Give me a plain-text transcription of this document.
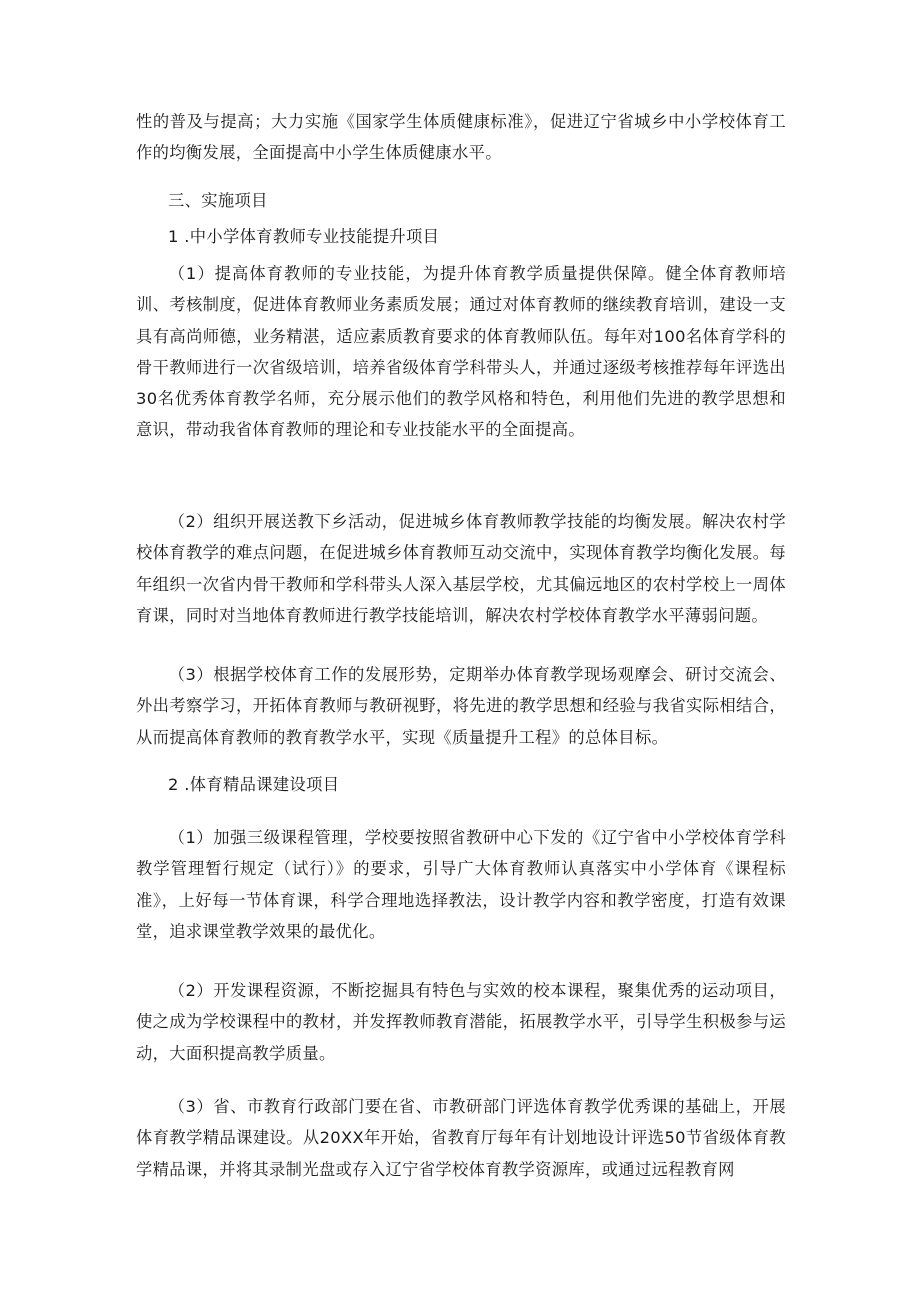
性的普及与提高；大力实施《国家学生体质健康标准》，促进辽宁省城乡中小学校体育工作的均衡发展，全面提高中小学生体质健康水平。
三、实施项目
1 .中小学体育教师专业技能提升项目
（1）提高体育教师的专业技能，为提升体育教学质量提供保障。健全体育教师培训、考核制度，促进体育教师业务素质发展；通过对体育教师的继续教育培训，建设一支具有高尚师德，业务精湛，适应素质教育要求的体育教师队伍。每年对100名体育学科的骨干教师进行一次省级培训，培养省级体育学科带头人，并通过逐级考核推荐每年评选出30名优秀体育教学名师，充分展示他们的教学风格和特色，利用他们先进的教学思想和意识，带动我省体育教师的理论和专业技能水平的全面提高。
（2）组织开展送教下乡活动，促进城乡体育教师教学技能的均衡发展。解决农村学校体育教学的难点问题，在促进城乡体育教师互动交流中，实现体育教学均衡化发展。每年组织一次省内骨干教师和学科带头人深入基层学校，尤其偏远地区的农村学校上一周体育课，同时对当地体育教师进行教学技能培训，解决农村学校体育教学水平薄弱问题。
（3）根据学校体育工作的发展形势，定期举办体育教学现场观摩会、研讨交流会、外出考察学习，开拓体育教师与教研视野，将先进的教学思想和经验与我省实际相结合，从而提高体育教师的教育教学水平，实现《质量提升工程》的总体目标。
2 .体育精品课建设项目
（1）加强三级课程管理，学校要按照省教研中心下发的《辽宁省中小学校体育学科教学管理暂行规定（试行）》的要求，引导广大体育教师认真落实中小学体育《课程标准》，上好每一节体育课，科学合理地选择教法，设计教学内容和教学密度，打造有效课堂，追求课堂教学效果的最优化。
（2）开发课程资源，不断挖掘具有特色与实效的校本课程，聚集优秀的运动项目，使之成为学校课程中的教材，并发挥教师教育潜能，拓展教学水平，引导学生积极参与运动，大面积提高教学质量。
（3）省、市教育行政部门要在省、市教研部门评选体育教学优秀课的基础上，开展体育教学精品课建设。从20XX年开始，省教育厅每年有计划地设计评选50节省级体育教学精品课，并将其录制光盘或存入辽宁省学校体育教学资源库，或通过远程教育网
